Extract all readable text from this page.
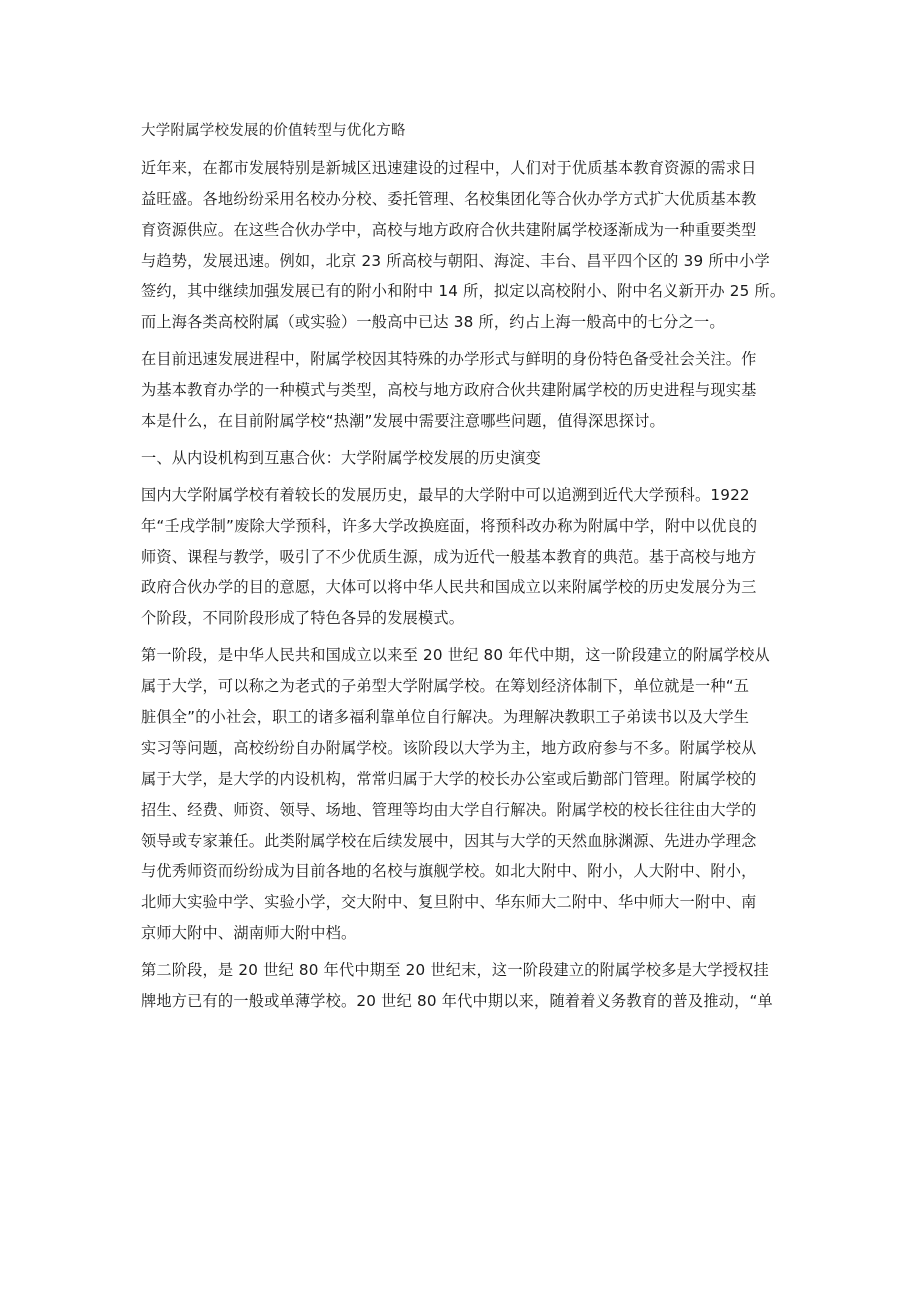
大学附属学校发展的价值转型与优化方略
近年来，在都市发展特别是新城区迅速建设的过程中，人们对于优质基本教育资源的需求日
益旺盛。各地纷纷采用名校办分校、委托管理、名校集团化等合伙办学方式扩大优质基本教
育资源供应。在这些合伙办学中，高校与地方政府合伙共建附属学校逐渐成为一种重要类型
与趋势，发展迅速。例如，北京 23 所高校与朝阳、海淀、丰台、昌平四个区的 39 所中小学
签约，其中继续加强发展已有的附小和附中 14 所，拟定以高校附小、附中名义新开办 25 所。
而上海各类高校附属（或实验）一般高中已达 38 所，约占上海一般高中的七分之一。
在目前迅速发展进程中，附属学校因其特殊的办学形式与鲜明的身份特色备受社会关注。作
为基本教育办学的一种模式与类型，高校与地方政府合伙共建附属学校的历史进程与现实基
本是什么，在目前附属学校“热潮”发展中需要注意哪些问题，值得深思探讨。
一、从内设机构到互惠合伙：大学附属学校发展的历史演变
国内大学附属学校有着较长的发展历史，最早的大学附中可以追溯到近代大学预科。1922
年“壬戌学制”废除大学预科，许多大学改换庭面，将预科改办称为附属中学，附中以优良的
师资、课程与教学，吸引了不少优质生源，成为近代一般基本教育的典范。基于高校与地方
政府合伙办学的目的意愿，大体可以将中华人民共和国成立以来附属学校的历史发展分为三
个阶段，不同阶段形成了特色各异的发展模式。
第一阶段，是中华人民共和国成立以来至 20 世纪 80 年代中期，这一阶段建立的附属学校从
属于大学，可以称之为老式的子弟型大学附属学校。在筹划经济体制下，单位就是一种“五
脏俱全”的小社会，职工的诸多福利靠单位自行解决。为理解决教职工子弟读书以及大学生
实习等问题，高校纷纷自办附属学校。该阶段以大学为主，地方政府参与不多。附属学校从
属于大学，是大学的内设机构，常常归属于大学的校长办公室或后勤部门管理。附属学校的
招生、经费、师资、领导、场地、管理等均由大学自行解决。附属学校的校长往往由大学的
领导或专家兼任。此类附属学校在后续发展中，因其与大学的天然血脉渊源、先进办学理念
与优秀师资而纷纷成为目前各地的名校与旗舰学校。如北大附中、附小，人大附中、附小，
北师大实验中学、实验小学，交大附中、复旦附中、华东师大二附中、华中师大一附中、南
京师大附中、湖南师大附中档。
第二阶段，是 20 世纪 80 年代中期至 20 世纪末，这一阶段建立的附属学校多是大学授权挂
牌地方已有的一般或单薄学校。20 世纪 80 年代中期以来，随着着义务教育的普及推动，“单
